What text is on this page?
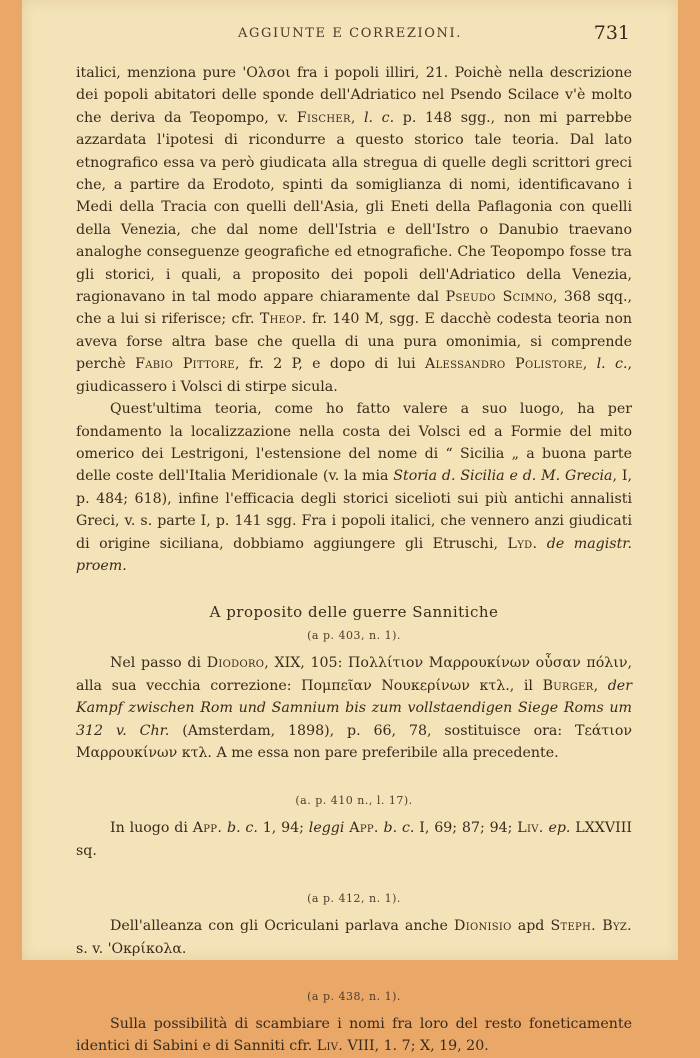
AGGIUNTE E CORREZIONI.	731

italici, menziona pure 'Ολσοι fra i popoli illiri, 21. Poichè nella descrizione dei popoli abitatori delle sponde dell'Adriatico nel Psendo Scilace v'è molto che deriva da Teopompo, v. Fischer, l. c. p. 148 sgg., non mi parrebbe azzardata l'ipotesi di ricondurre a questo storico tale teoria. Dal lato etnografico essa va però giudicata alla stregua di quelle degli scrittori greci che, a partire da Erodoto, spinti da somiglianza di nomi, identificavano i Medi della Tracia con quelli dell'Asia, gli Eneti della Paflagonia con quelli della Venezia, che dal nome dell'Istria e dell'Istro o Danubio traevano analoghe conseguenze geografiche ed etnografiche. Che Teopompo fosse tra gli storici, i quali, a proposito dei popoli dell'Adriatico della Venezia, ragionavano in tal modo appare chiaramente dal Pseudo Scimno, 368 sqq., che a lui si riferisce; cfr. Theop. fr. 140 M, sgg. E dacchè codesta teoria non aveva forse altra base che quella di una pura omonimia, si comprende perchè Fabio Pittore, fr. 2 P, e dopo di lui Alessandro Polistore, l. c., giudicassero i Volsci di stirpe sicula.

Quest'ultima teoria, come ho fatto valere a suo luogo, ha per fondamento la localizzazione nella costa dei Volsci ed a Formie del mito omerico dei Lestrigoni, l'estensione del nome di “ Sicilia „ a buona parte delle coste dell'Italia Meridionale (v. la mia Storia d. Sicilia e d. M. Grecia, I, p. 484; 618), infine l'efficacia degli storici sicelioti sui più antichi annalisti Greci, v. s. parte I, p. 141 sgg. Fra i popoli italici, che vennero anzi giudicati di origine siciliana, dobbiamo aggiungere gli Etruschi, Lyd. de magistr. proem.

A proposito delle guerre Sannitiche
(a p. 403, n. 1).

Nel passo di Diodoro, XIX, 105: Πολλίτιον Μαρρουκίνων οὖσαν πόλιν, alla sua vecchia correzione: Πομπεῖαν Νουκερίνων κτλ., il Burger, der Kampf zwischen Rom und Samnium bis zum vollstaendigen Siege Roms um 312 v. Chr. (Amsterdam, 1898), p. 66, 78, sostituisce ora: Τεάτιον Μαρρουκίνων κτλ. A me essa non pare preferibile alla precedente.

(a. p. 410 n., l. 17).

In luogo di App. b. c. 1, 94; leggi App. b. c. I, 69; 87; 94; Liv. ep. LXXVIII sq.

(a p. 412, n. 1).

Dell'alleanza con gli Ocriculani parlava anche Dionisio apd Steph. Byz. s. v. 'Οκρίκολα.

(a p. 438, n. 1).

Sulla possibilità di scambiare i nomi fra loro del resto foneticamente identici di Sabini e di Sanniti cfr. Liv. VIII, 1. 7; X, 19, 20.
